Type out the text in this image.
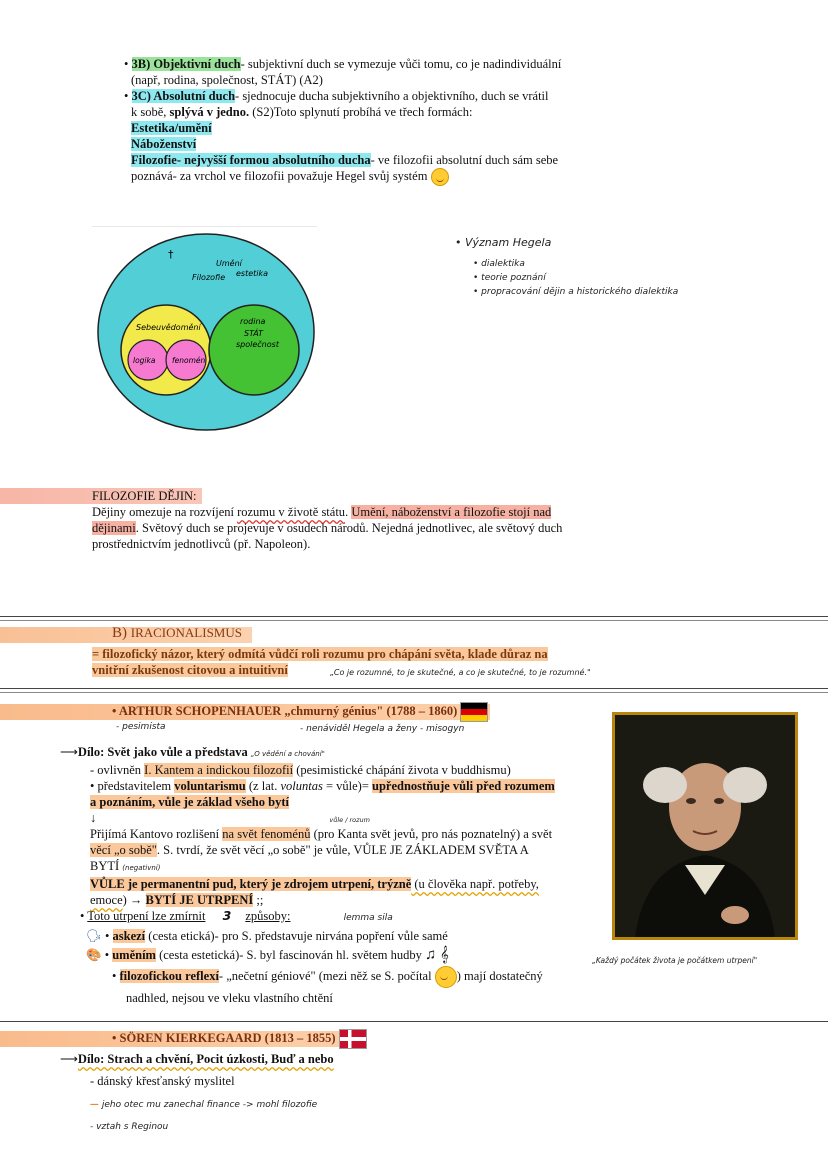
• 3B) Objektivní duch- subjektivní duch se vymezuje vůči tomu, co je nadindividuální
(např, rodina, společnost, STÁT) (A2)
• 3C) Absolutní duch- sjednocuje ducha subjektivního a objektivního, duch se vrátil
k sobě, splývá v jedno. (S2)Toto splynutí probíhá ve třech formách:
Estetika/umění
Náboženství
Filozofie- nejvyšší formou absolutního ducha- ve filozofii absolutní duch sám sebe
poznává- za vrchol ve filozofii považuje Hegel svůj systém
†
Umění
Filozofie estetika
Sebeuvědomění
logika fenomén
rodina
STÁT
společnost
• Význam Hegela
• dialektika
• teorie poznání
• propracování dějin a historického dialektika
FILOZOFIE DĚJIN:
Dějiny omezuje na rozvíjení rozumu v životě státu. Umění, náboženství a filozofie stojí nad
dějinami. Světový duch se projevuje v osudech národů. Nejedná jednotlivec, ale světový duch
prostřednictvím jednotlivců (př. Napoleon).
B) IRACIONALISMUS
= filozofický názor, který odmítá vůdčí roli rozumu pro chápání světa, klade důraz na
vnitřní zkušenost citovou a intuitivní	„Co je rozumné, to je skutečné, a co je skutečné, to je rozumné."
• ARTHUR SCHOPENHAUER „chmurný génius" (1788 – 1860)
- pesimista	- nenáviděl Hegela a ženy - misogyn
⟶Dílo: Svět jako vůle a představa „O vědění a chování"
- ovlivněn I. Kantem a indickou filozofií (pesimistické chápání života v buddhismu)
• představitelem voluntarismu (z lat. voluntas = vůle)= upřednostňuje vůli před rozumem
a poznáním, vůle je základ všeho bytí
↓	vůle / rozum
Přijímá Kantovo rozlišení na svět fenoménů (pro Kanta svět jevů, pro nás poznatelný) a svět
věcí „o sobě". S. tvrdí, že svět věcí „o sobě" je vůle, VŮLE JE ZÁKLADEM SVĚTA A
BYTÍ (negativní)
VŮLE je permanentní pud, který je zdrojem utrpení, trýzně (u člověka např. potřeby,
emoce) → BYTÍ JE UTRPENÍ ;;
• Toto utrpení lze zmírnit 3 způsoby:	lemma sila
🗣 • askezí (cesta etická)- pro S. představuje nirvána popření vůle samé
🎨 • uměním (cesta estetická)- S. byl fascinován hl. světem hudby ♫ 𝄞
• filozofickou reflexí- „nečetní géniové" (mezi něž se S. počítal ) mají dostatečný
nadhled, nejsou ve vleku vlastního chtění
„Každý počátek života je počátkem utrpení"
• SÖREN KIERKEGAARD (1813 – 1855)
⟶Dílo: Strach a chvění, Pocit úzkosti, Buď a nebo
- dánský křesťanský myslitel
— jeho otec mu zanechal finance -> mohl filozofie
- vztah s Reginou
